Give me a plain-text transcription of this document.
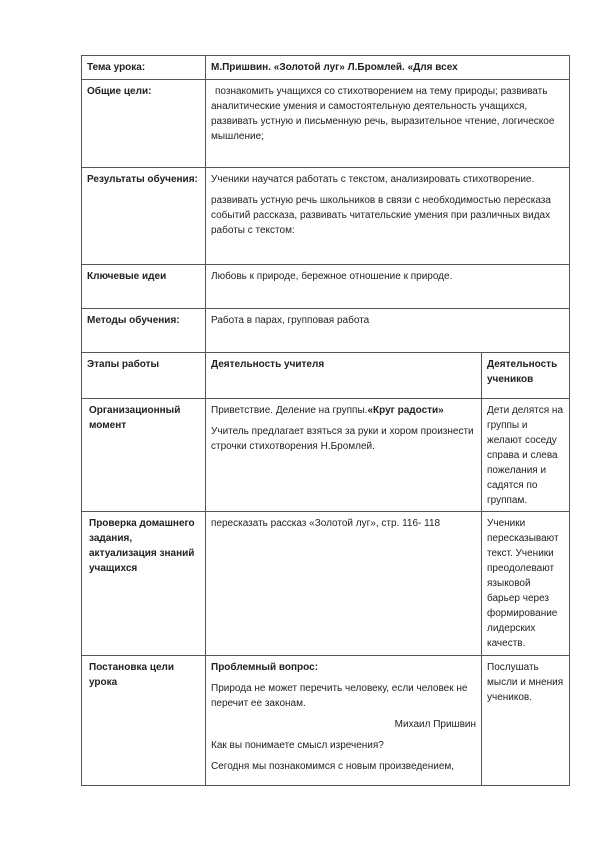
Тема урока:	М.Пришвин. «Золотой луг» Л.Бромлей. «Для всех	
Общие цели:	познакомить учащихся со стихотворением на тему природы; развивать аналитические умения и самостоятельную деятельность учащихся, развивать устную и письменную речь, выразительное чтение, логическое мышление;	
Результаты обучения:	Ученики научатся работать с текстом, анализировать стихотворение.

развивать устную речь школьников в связи с необходимостью пересказа событий рассказа, развивать читательские умения при различных видах работы с текстом:	

Ключевые идеи	Любовь к природе, бережное отношение к природе.	
Методы обучения:	Работа в парах, групповая работа	
Этапы работы	Деятельность учителя	Деятельность учеников
Организационный момент	Приветствие. Деление на группы.«Круг радости»

Учитель предлагает взяться за руки и хором произнести строчки стихотворения Н.Бромлей.	Дети делятся на группы и желают соседу справа и слева пожелания и садятся по группам.
Проверка домашнего задания, актуализация знаний учащихся	пересказать рассказ «Золотой луг», стр. 116- 118	Ученики пересказывают текст. Ученики преодолевают языковой барьер через формирование лидерских качеств.
Постановка цели урока	Проблемный вопрос:

Природа не может перечить человеку, если человек не перечит ее законам.

Михаил Пришвин

Как вы понимаете смысл изречения?

Сегодня мы познакомимся с новым произведением,	Послушать мысли и мнения учеников.
